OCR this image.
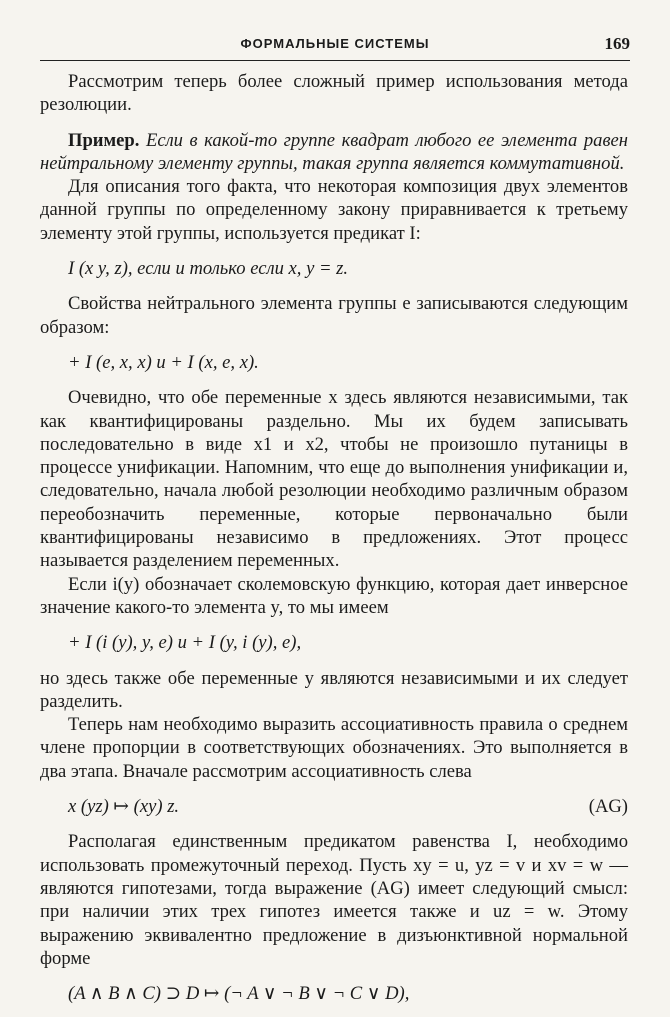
ФОРМАЛЬНЫЕ СИСТЕМЫ	169

Рассмотрим теперь более сложный пример использования метода резолюции.

Пример. Если в какой-то группе квадрат любого ее элемента равен нейтральному элементу группы, такая группа является коммутативной.

Для описания того факта, что некоторая композиция двух элементов данной группы по определенному закону приравнивается к третьему элементу этой группы, используется предикат I:

I (x y, z), если и только если x, y = z.

Свойства нейтрального элемента группы e записываются следующим образом:

+ I (e, x, x) и + I (x, e, x).

Очевидно, что обе переменные x здесь являются независимыми, так как квантифицированы раздельно. Мы их будем записывать последовательно в виде x1 и x2, чтобы не произошло путаницы в процессе унификации. Напомним, что еще до выполнения унификации и, следовательно, начала любой резолюции необходимо различным образом переобозначить переменные, которые первоначально были квантифицированы независимо в предложениях. Этот процесс называется разделением переменных.

Если i(y) обозначает сколемовскую функцию, которая дает инверсное значение какого-то элемента y, то мы имеем

+ I (i (y), y, e) и + I (y, i (y), e),

но здесь также обе переменные y являются независимыми и их следует разделить.

Теперь нам необходимо выразить ассоциативность правила о среднем члене пропорции в соответствующих обозначениях. Это выполняется в два этапа. Вначале рассмотрим ассоциативность слева

x (yz) ↦ (xy) z.	(AG)

Располагая единственным предикатом равенства I, необходимо использовать промежуточный переход. Пусть xy = u, yz = v и xv = w — являются гипотезами, тогда выражение (AG) имеет следующий смысл: при наличии этих трех гипотез имеется также и uz = w. Этому выражению эквивалентно предложение в дизъюнктивной нормальной форме

(A ∧ B ∧ C) ⊃ D ↦ (¬ A ∨ ¬ B ∨ ¬ C ∨ D),
